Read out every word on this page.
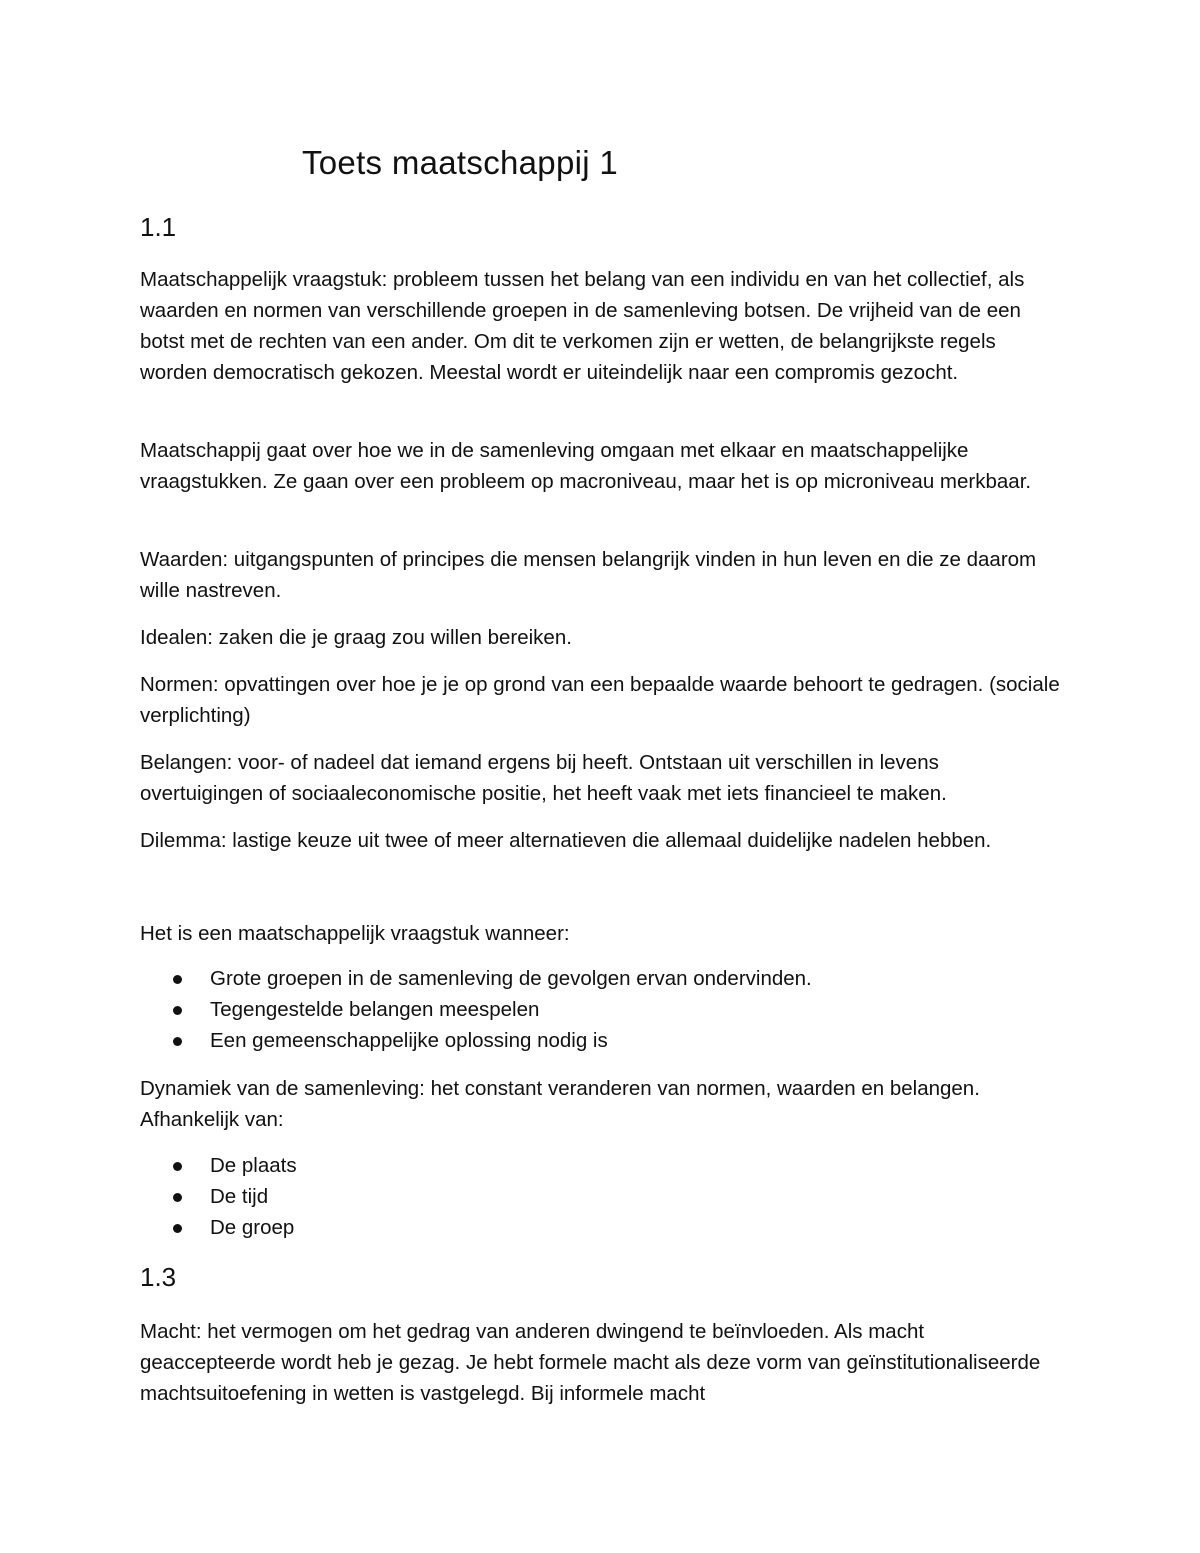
Toets maatschappij 1
1.1

Maatschappelijk vraagstuk: probleem tussen het belang van een individu en van het collectief, als waarden en normen van verschillende groepen in de samenleving botsen. De vrijheid van de een botst met de rechten van een ander. Om dit te verkomen zijn er wetten, de belangrijkste regels worden democratisch gekozen. Meestal wordt er uiteindelijk naar een compromis gezocht.

Maatschappij gaat over hoe we in de samenleving omgaan met elkaar en maatschappelijke vraagstukken. Ze gaan over een probleem op macroniveau, maar het is op microniveau merkbaar.

Waarden: uitgangspunten of principes die mensen belangrijk vinden in hun leven en die ze daarom wille nastreven.

Idealen: zaken die je graag zou willen bereiken.

Normen: opvattingen over hoe je je op grond van een bepaalde waarde behoort te gedragen. (sociale verplichting)

Belangen: voor- of nadeel dat iemand ergens bij heeft. Ontstaan uit verschillen in levens overtuigingen of sociaaleconomische positie, het heeft vaak met iets financieel te maken.

Dilemma: lastige keuze uit twee of meer alternatieven die allemaal duidelijke nadelen hebben.

Het is een maatschappelijk vraagstuk wanneer:

Grote groepen in de samenleving de gevolgen ervan ondervinden.
Tegengestelde belangen meespelen
Een gemeenschappelijke oplossing nodig is

Dynamiek van de samenleving: het constant veranderen van normen, waarden en belangen. Afhankelijk van:

De plaats
De tijd
De groep
1.3

Macht: het vermogen om het gedrag van anderen dwingend te beïnvloeden. Als macht geaccepteerde wordt heb je gezag. Je hebt formele macht als deze vorm van geïnstitutionaliseerde machtsuitoefening in wetten is vastgelegd. Bij informele macht
